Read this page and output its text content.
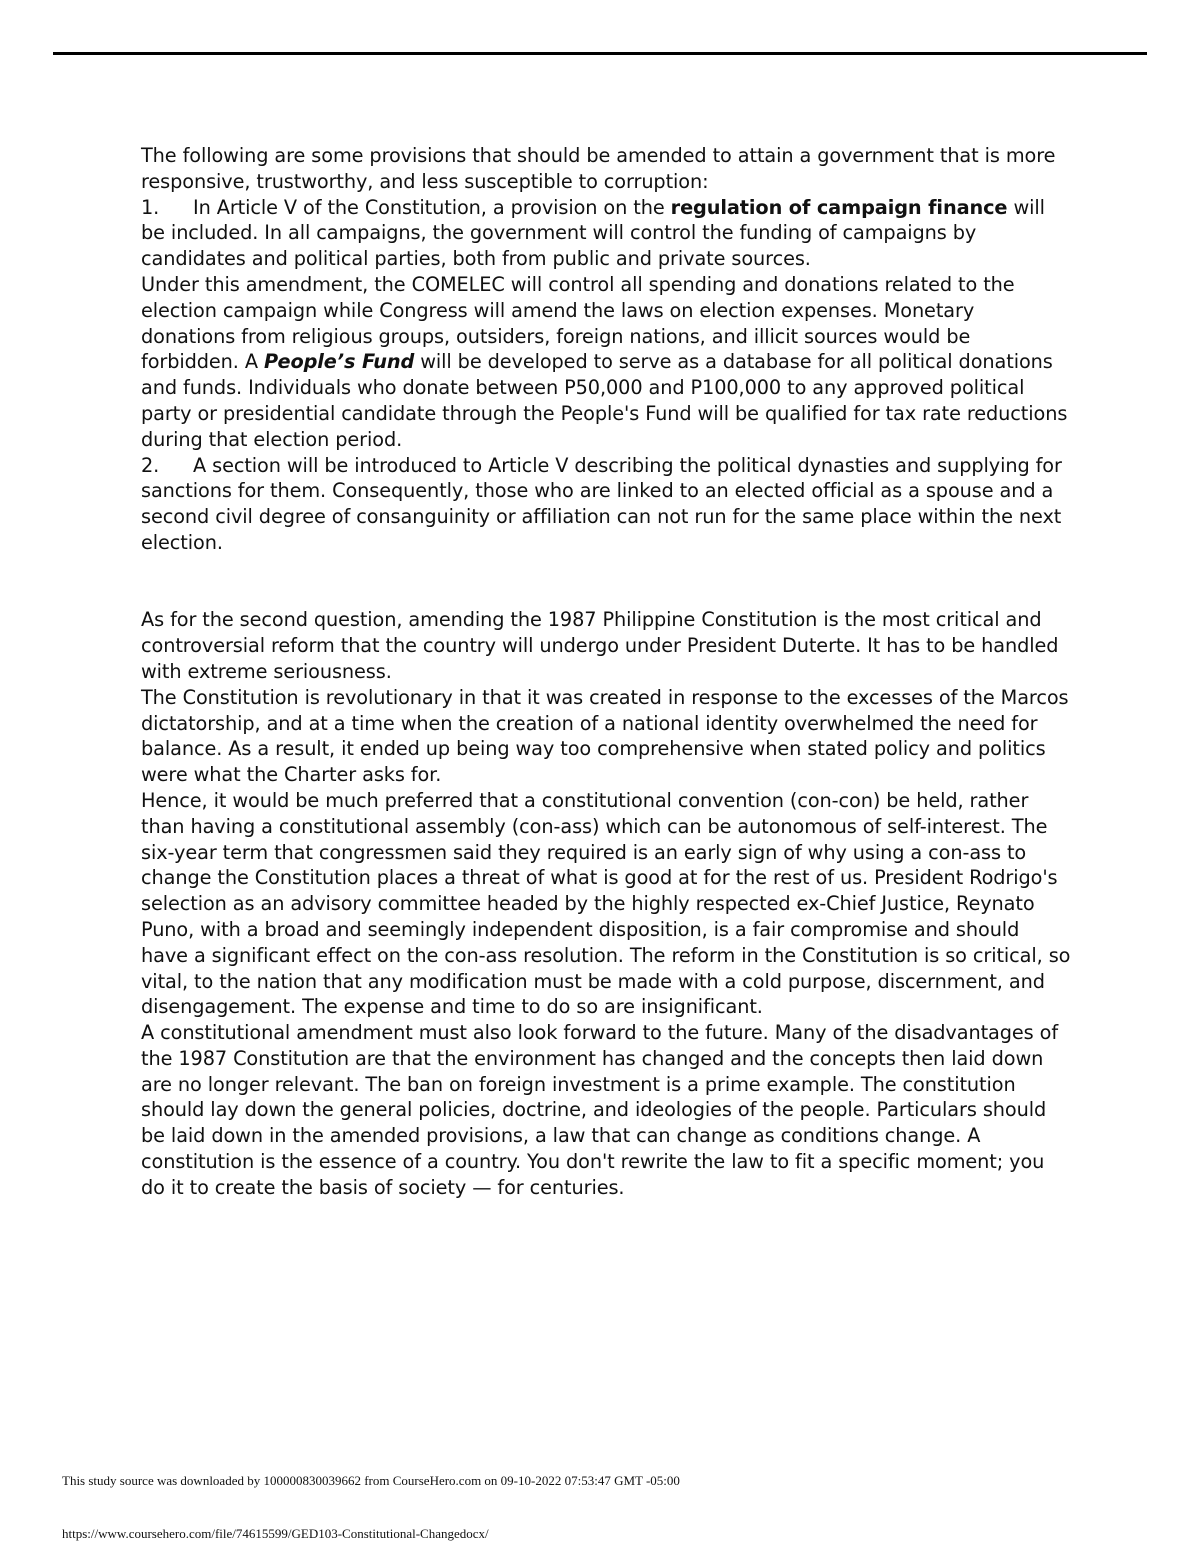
The following are some provisions that should be amended to attain a government that is more responsive, trustworthy, and less susceptible to corruption:

1. In Article V of the Constitution, a provision on the regulation of campaign finance will be included. In all campaigns, the government will control the funding of campaigns by candidates and political parties, both from public and private sources.

Under this amendment, the COMELEC will control all spending and donations related to the election campaign while Congress will amend the laws on election expenses. Monetary donations from religious groups, outsiders, foreign nations, and illicit sources would be forbidden. A People’s Fund will be developed to serve as a database for all political donations and funds. Individuals who donate between P50,000 and P100,000 to any approved political party or presidential candidate through the People's Fund will be qualified for tax rate reductions during that election period.

2. A section will be introduced to Article V describing the political dynasties and supplying for sanctions for them. Consequently, those who are linked to an elected official as a spouse and a second civil degree of consanguinity or affiliation can not run for the same place within the next election.

As for the second question, amending the 1987 Philippine Constitution is the most critical and controversial reform that the country will undergo under President Duterte. It has to be handled with extreme seriousness.

The Constitution is revolutionary in that it was created in response to the excesses of the Marcos dictatorship, and at a time when the creation of a national identity overwhelmed the need for balance. As a result, it ended up being way too comprehensive when stated policy and politics were what the Charter asks for.

Hence, it would be much preferred that a constitutional convention (con-con) be held, rather than having a constitutional assembly (con-ass) which can be autonomous of self-interest. The six-year term that congressmen said they required is an early sign of why using a con-ass to change the Constitution places a threat of what is good at for the rest of us. President Rodrigo's selection as an advisory committee headed by the highly respected ex-Chief Justice, Reynato Puno, with a broad and seemingly independent disposition, is a fair compromise and should have a significant effect on the con-ass resolution. The reform in the Constitution is so critical, so vital, to the nation that any modification must be made with a cold purpose, discernment, and disengagement. The expense and time to do so are insignificant.

A constitutional amendment must also look forward to the future. Many of the disadvantages of the 1987 Constitution are that the environment has changed and the concepts then laid down are no longer relevant. The ban on foreign investment is a prime example. The constitution should lay down the general policies, doctrine, and ideologies of the people. Particulars should be laid down in the amended provisions, a law that can change as conditions change. A constitution is the essence of a country. You don't rewrite the law to fit a specific moment; you do it to create the basis of society — for centuries.

This study source was downloaded by 100000830039662 from CourseHero.com on 09-10-2022 07:53:47 GMT -05:00
https://www.coursehero.com/file/74615599/GED103-Constitutional-Changedocx/
